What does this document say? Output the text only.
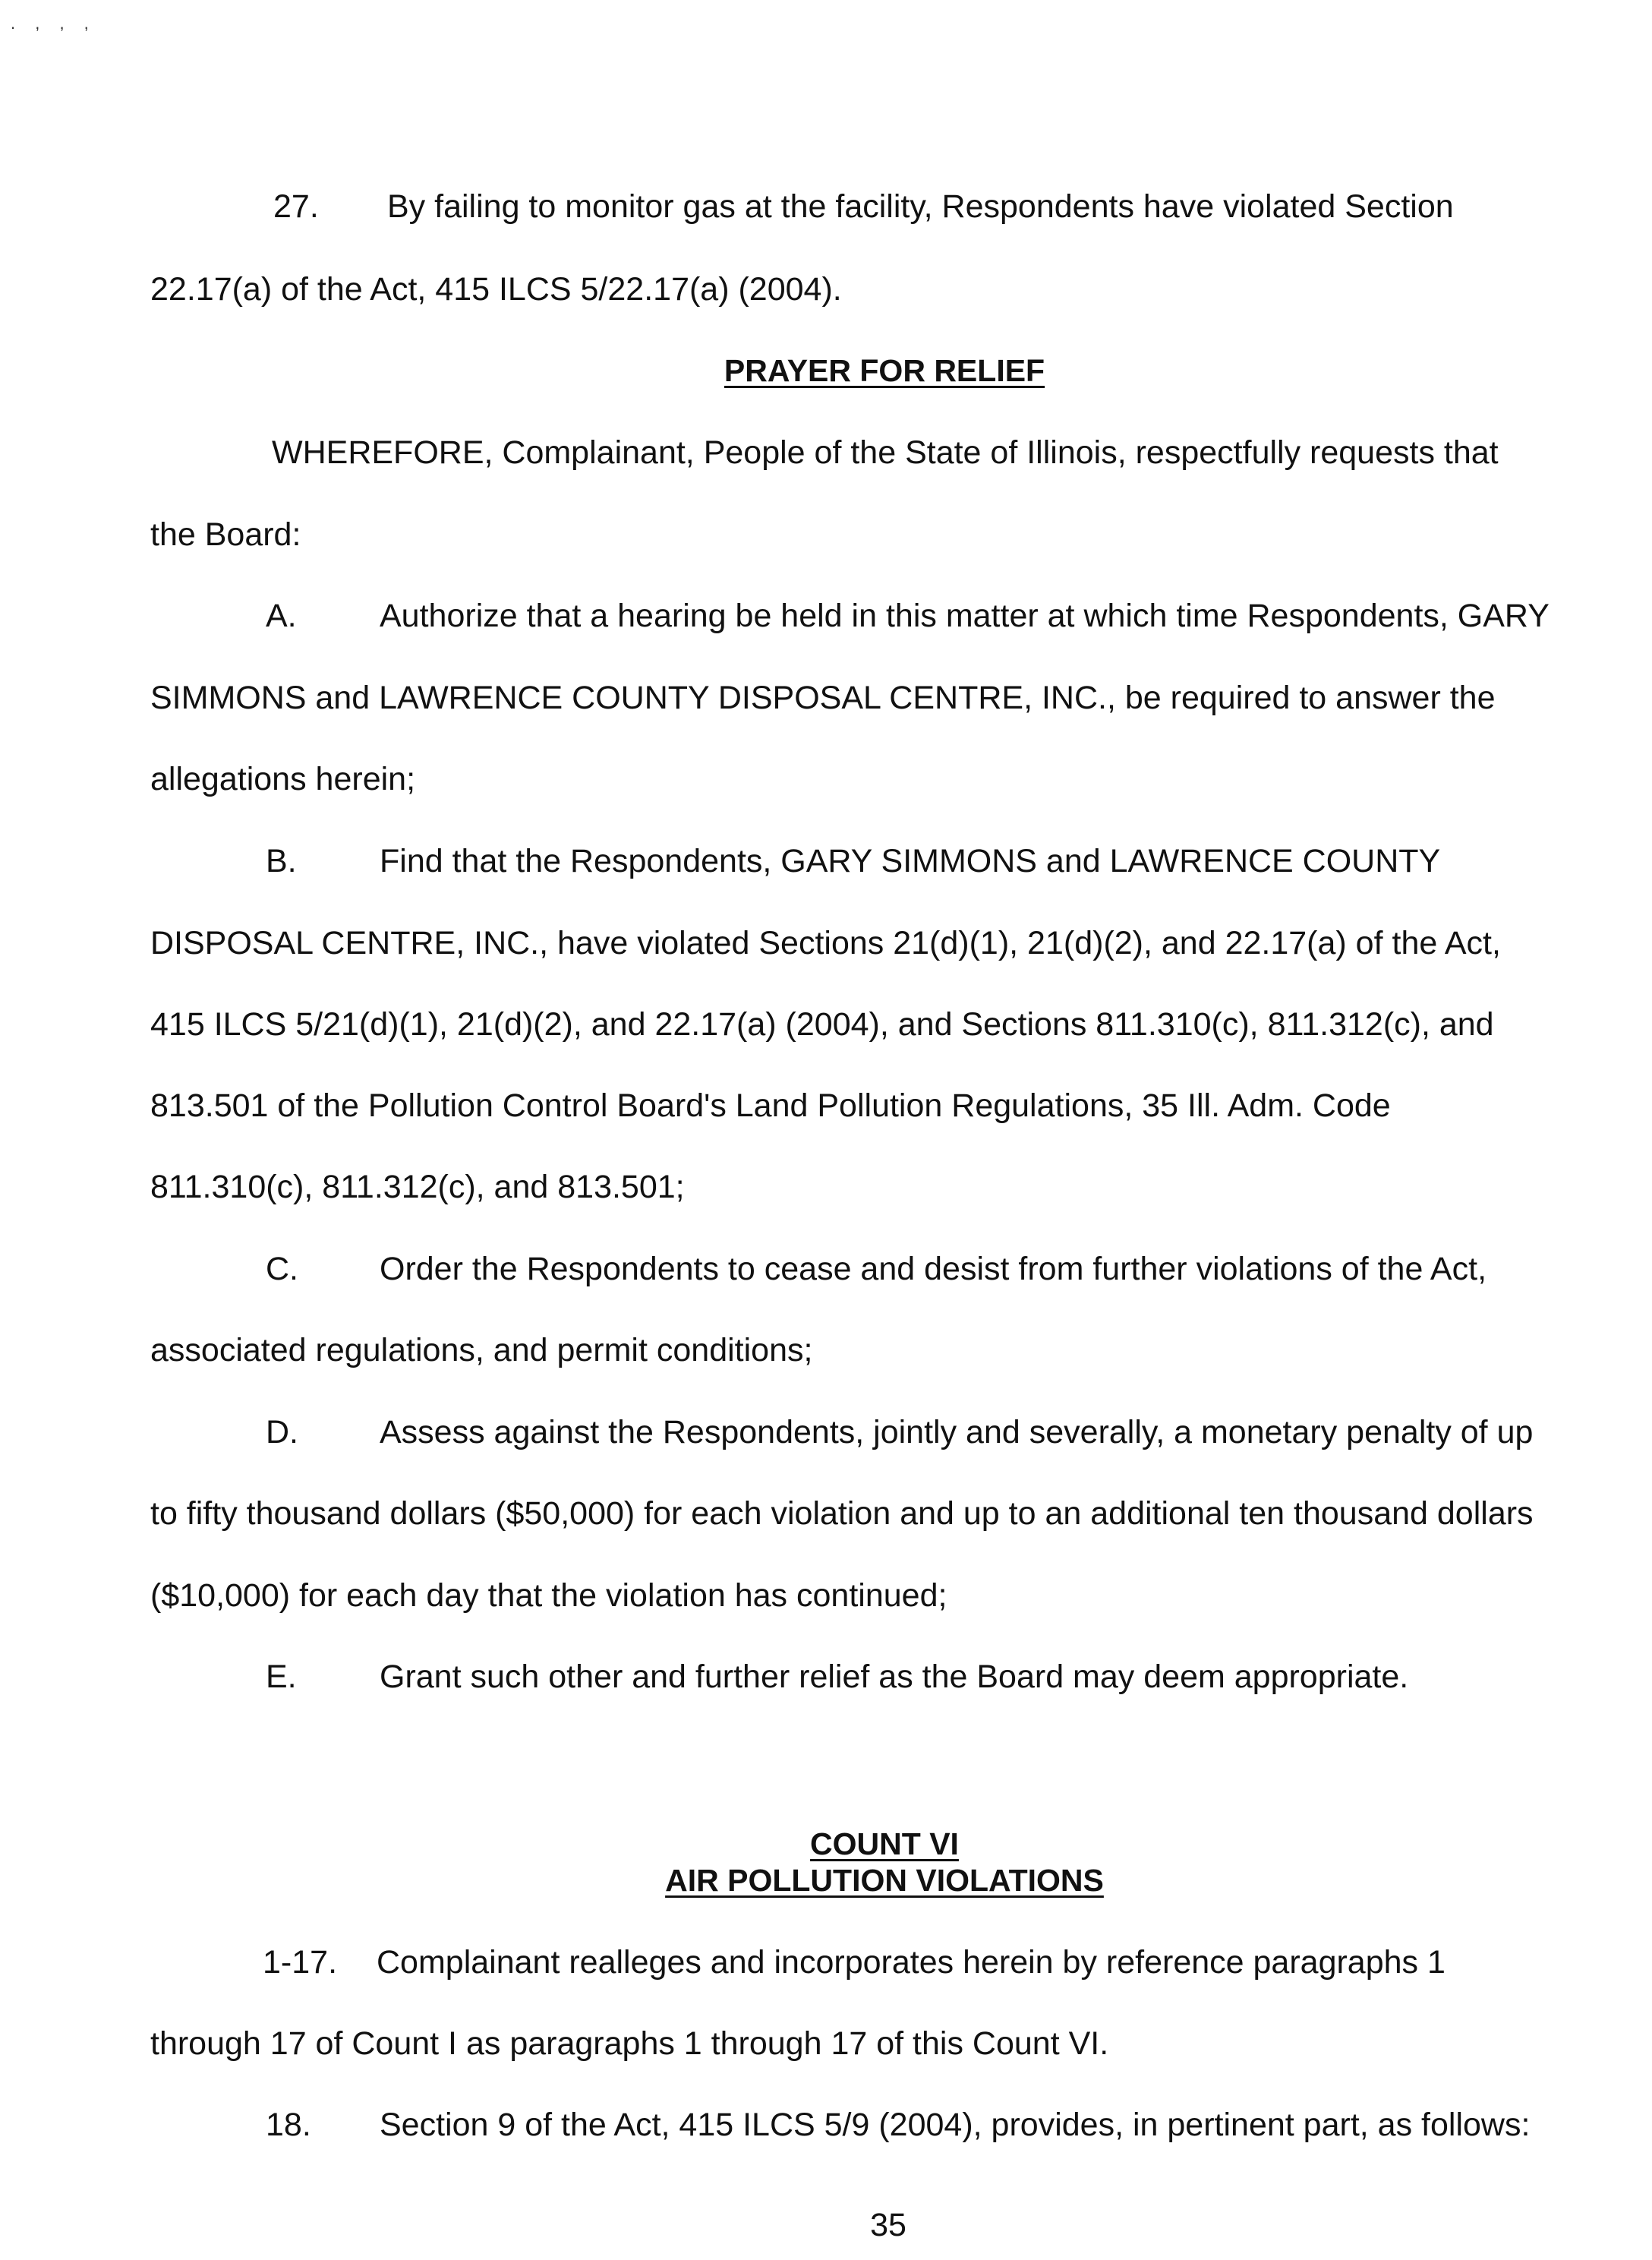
. , , ,
27. By failing to monitor gas at the facility, Respondents have violated Section
22.17(a) of the Act, 415 ILCS 5/22.17(a) (2004).
PRAYER FOR RELIEF
WHEREFORE, Complainant, People of the State of Illinois, respectfully requests that
the Board:
A.	Authorize that a hearing be held in this matter at which time Respondents, GARY
SIMMONS and LAWRENCE COUNTY DISPOSAL CENTRE, INC., be required to answer the
allegations herein;
B.	Find that the Respondents, GARY SIMMONS and LAWRENCE COUNTY
DISPOSAL CENTRE, INC., have violated Sections 21(d)(1), 21(d)(2), and 22.17(a) of the Act,
415 ILCS 5/21(d)(1), 21(d)(2), and 22.17(a) (2004), and Sections 811.310(c), 811.312(c), and
813.501 of the Pollution Control Board's Land Pollution Regulations, 35 Ill. Adm. Code
811.310(c), 811.312(c), and 813.501;
C. Order the Respondents to cease and desist from further violations of the Act,
associated regulations, and permit conditions;
D. Assess against the Respondents, jointly and severally, a monetary penalty of up
to fifty thousand dollars ($50,000) for each violation and up to an additional ten thousand dollars
($10,000) for each day that the violation has continued;
E.	Grant such other and further relief as the Board may deem appropriate.
COUNT VI
AIR POLLUTION VIOLATIONS
1-17. Complainant realleges and incorporates herein by reference paragraphs 1
through 17 of Count I as paragraphs 1 through 17 of this Count VI.
18. Section 9 of the Act, 415 ILCS 5/9 (2004), provides, in pertinent part, as follows:
35
